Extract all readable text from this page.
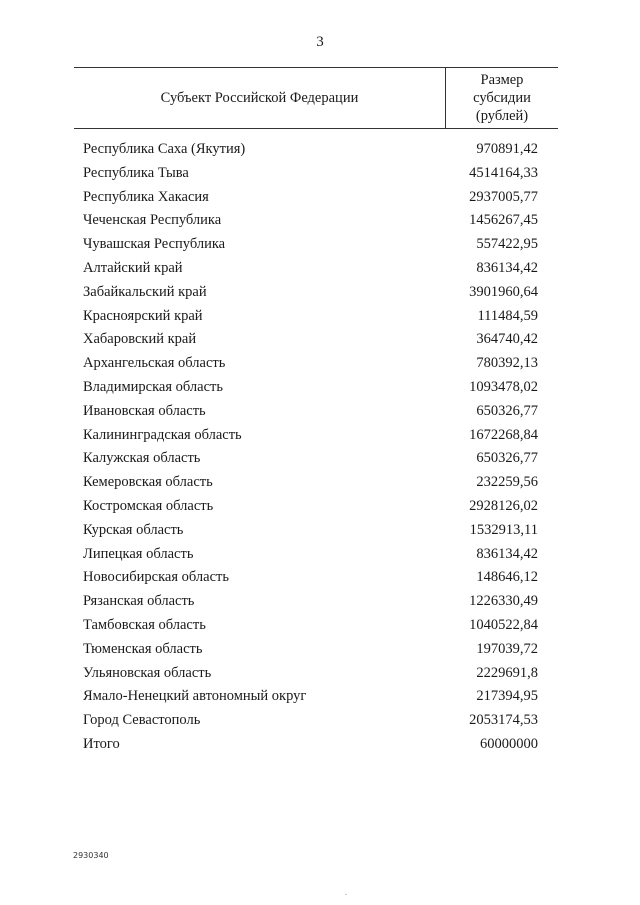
3
Субъект Российской Федерации
Размер
субсидии
(рублей)
Республика Саха (Якутия)	970891,42
Республика Тыва	4514164,33
Республика Хакасия	2937005,77
Чеченская Республика	1456267,45
Чувашская Республика	557422,95
Алтайский край	836134,42
Забайкальский край	3901960,64
Красноярский край	111484,59
Хабаровский край	364740,42
Архангельская область	780392,13
Владимирская область	1093478,02
Ивановская область	650326,77
Калининградская область	1672268,84
Калужская область	650326,77
Кемеровская область	232259,56
Костромская область	2928126,02
Курская область	1532913,11
Липецкая область	836134,42
Новосибирская область	148646,12
Рязанская область	1226330,49
Тамбовская область	1040522,84
Тюменская область	197039,72
Ульяновская область	2229691,8
Ямало-Ненецкий автономный округ	217394,95
Город Севастополь	2053174,53
Итого	60000000
2930340
.
